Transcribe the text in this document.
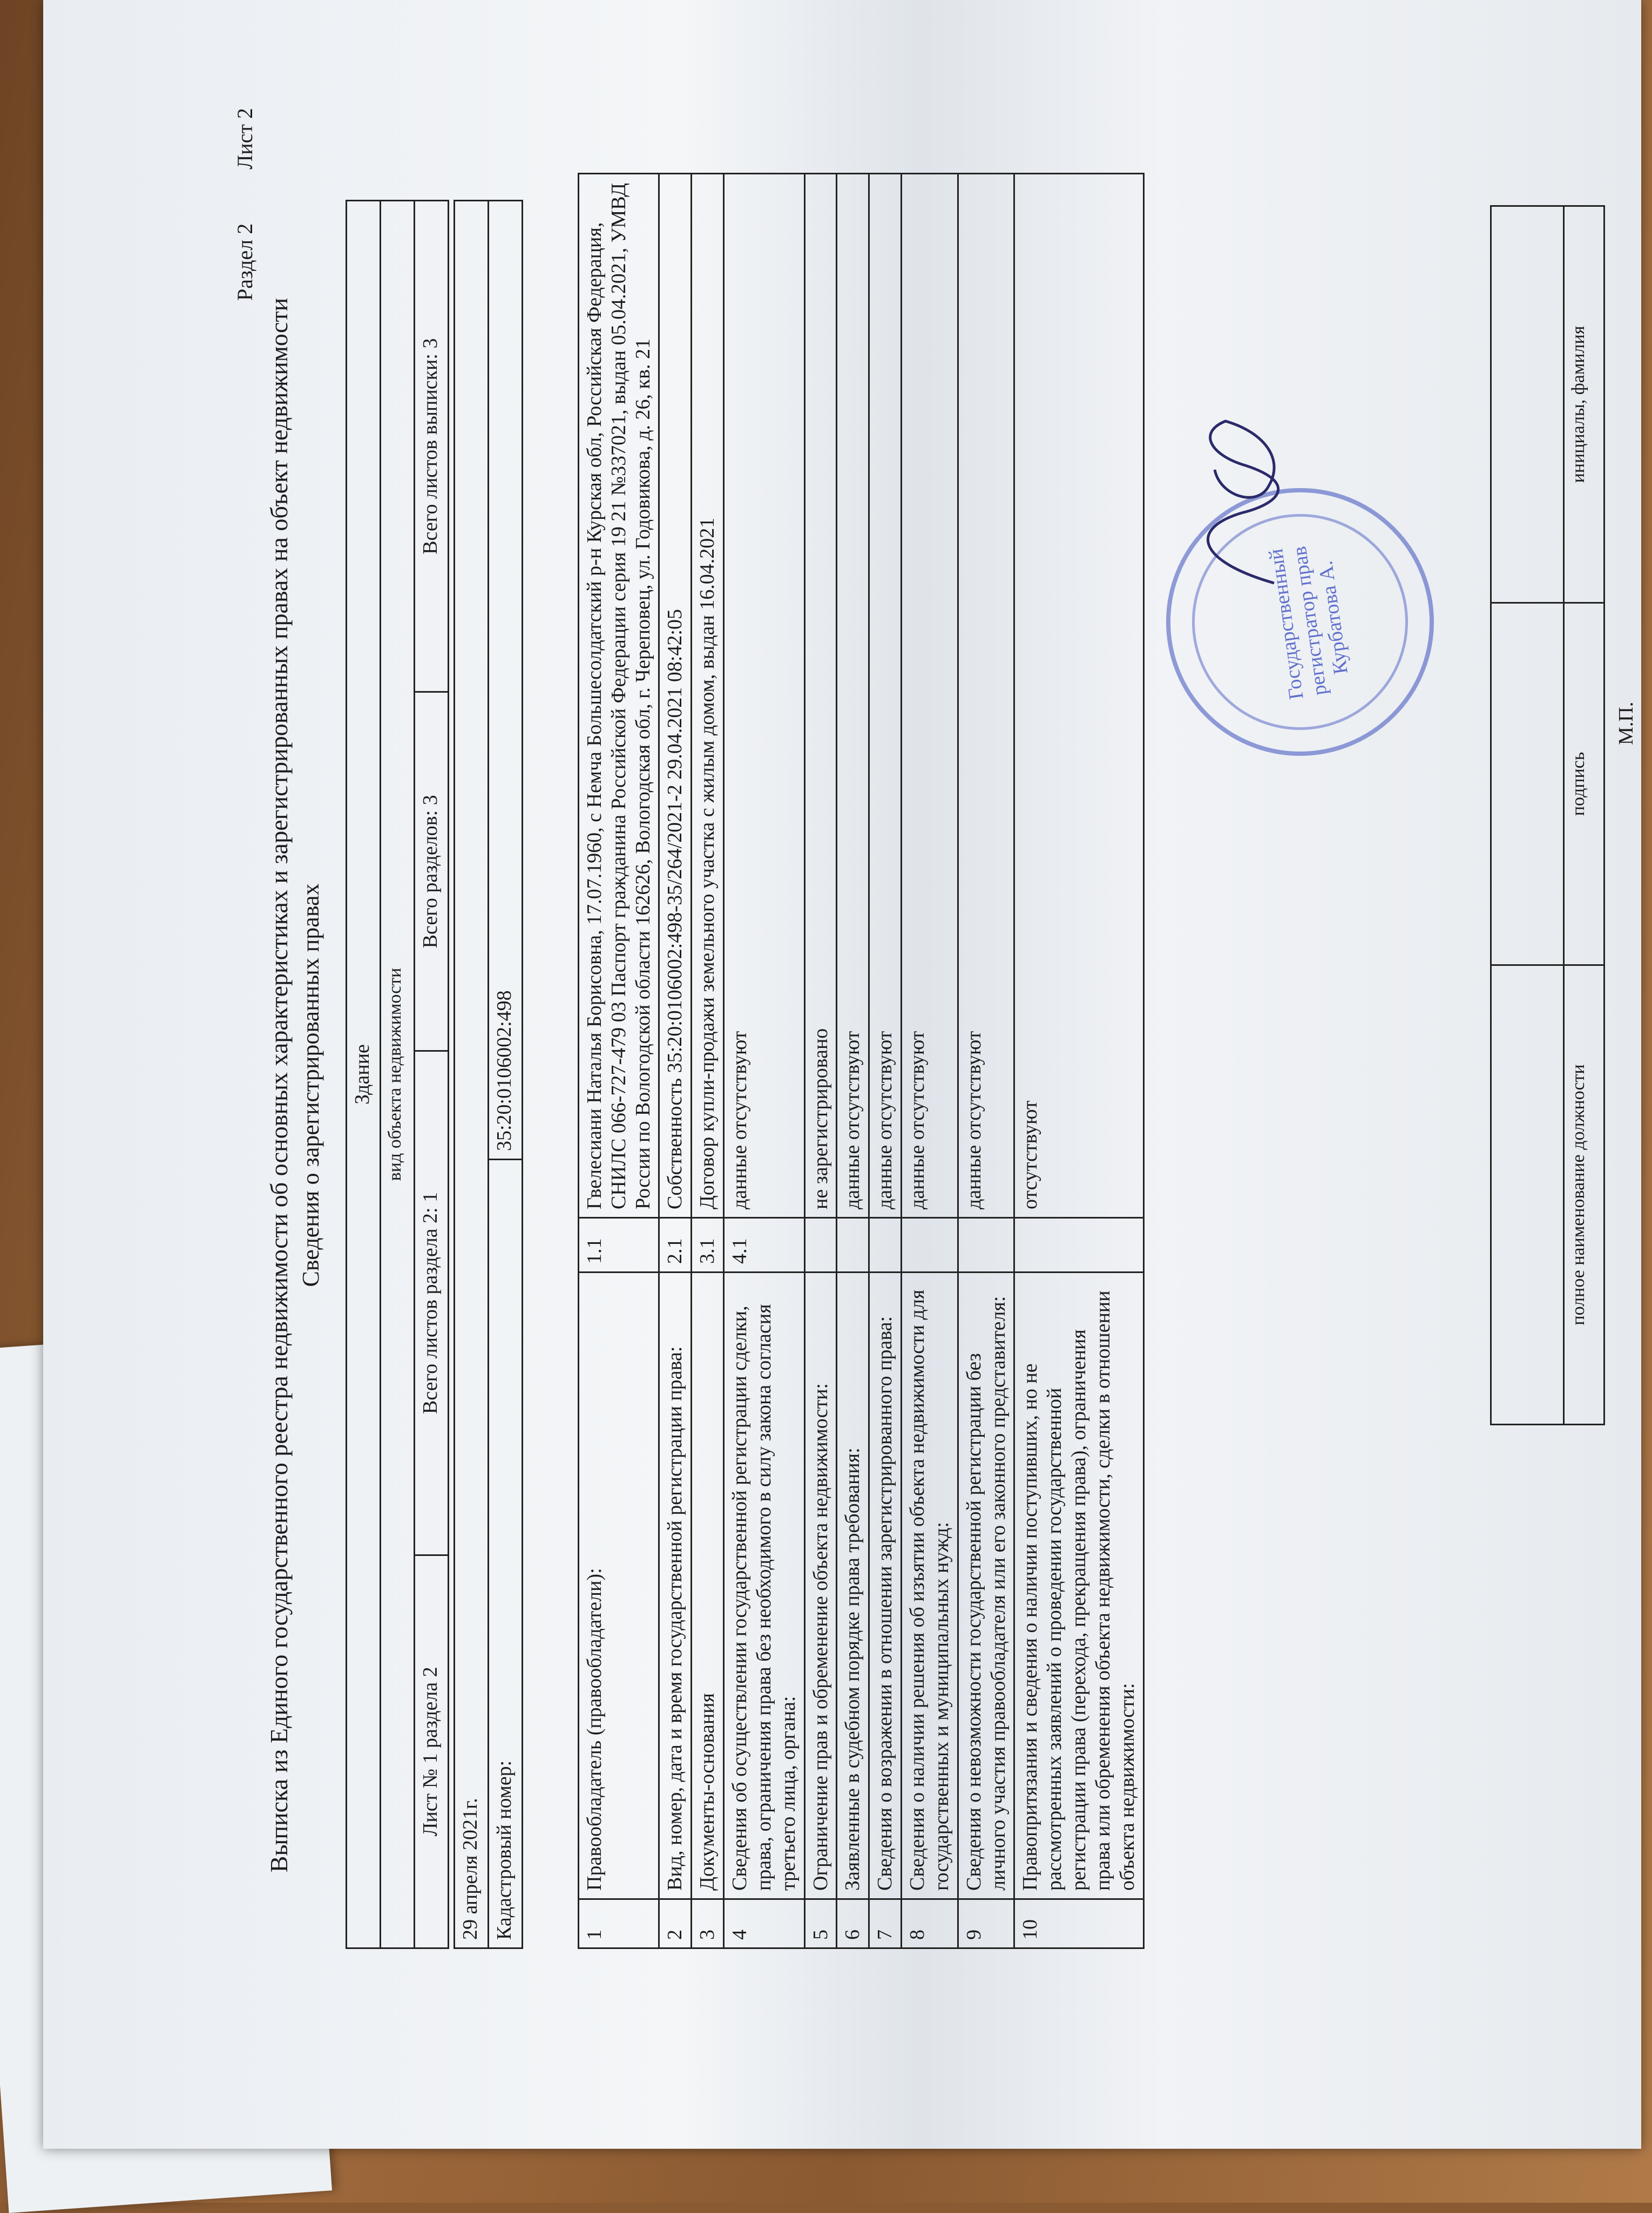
Раздел 2 Лист 2
Выписка из Единого государственного реестра недвижимости об основных характеристиках и зарегистрированных правах на объект недвижимости Сведения о зарегистрированных правах Здание
вид объекта недвижимости
Лист № 1 раздела 2	Всего листов раздела 2: 1	Всего разделов: 3	Всего листов выписки: 3
29 апреля 2021г.
Кадастровый номер:	35:20:0106002:498
1	Правообладатель (правообладатели):	1.1	Гвелесиани Наталья Борисовна, 17.07.1960, с Немча Большесолдатский р-н Курская обл, Российская Федерация, СНИЛС 066-727-479 03 Паспорт гражданина Российской Федерации серия 19 21 №337021, выдан 05.04.2021, УМВД России по Вологодской области 162626, Вологодская обл, г. Череповец, ул. Годовикова, д. 26, кв. 21
2	Вид, номер, дата и время государственной регистрации права:	2.1	Собственность 35:20:0106002:498-35/264/2021-2 29.04.2021 08:42:05
3	Документы-основания	3.1	Договор купли-продажи земельного участка с жилым домом, выдан 16.04.2021
4	Сведения об осуществлении государственной регистрации сделки, права, ограничения права без необходимого в силу закона согласия третьего лица, органа:	4.1	данные отсутствуют
5	Ограничение прав и обременение объекта недвижимости:		не зарегистрировано
6	Заявленные в судебном порядке права требования:		данные отсутствуют
7	Сведения о возражении в отношении зарегистрированного права:		данные отсутствуют
8	Сведения о наличии решения об изъятии объекта недвижимости для государственных и муниципальных нужд:		данные отсутствуют
9	Сведения о невозможности государственной регистрации без личного участия правообладателя или его законного представителя:		данные отсутствуют
10	Правопритязания и сведения о наличии поступивших, но не рассмотренных заявлений о проведении государственной регистрации права (перехода, прекращения права), ограничения права или обременения объекта недвижимости, сделки в отношении объекта недвижимости:		отсутствуют
			полное наименование должности	подпись	инициалы, фамилия
М.П.
Государственный регистратор прав Курбатова А.
